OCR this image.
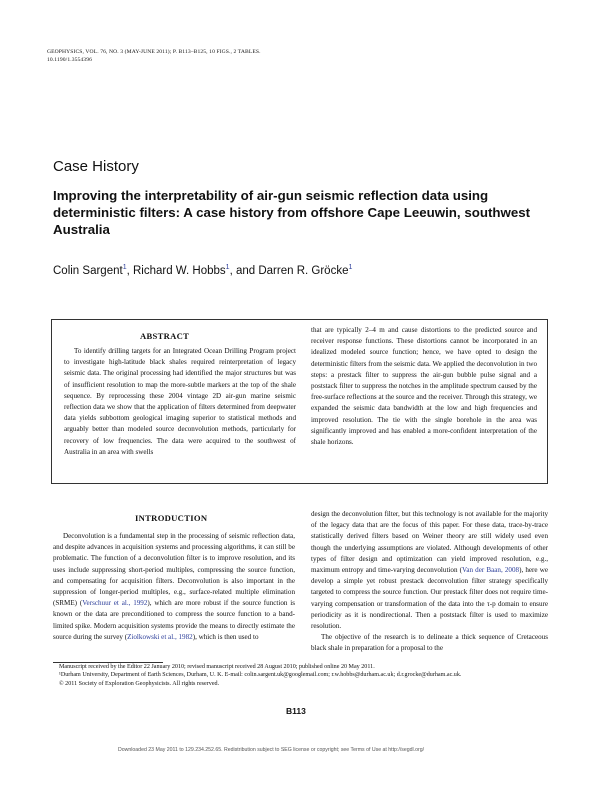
GEOPHYSICS, VOL. 76, NO. 3 (MAY-JUNE 2011); P. B113–B125, 10 FIGS., 2 TABLES.
10.1190/1.3554396
Case History
Improving the interpretability of air-gun seismic reflection data using deterministic filters: A case history from offshore Cape Leeuwin, southwest Australia
Colin Sargent$^1$, Richard W. Hobbs$^1$, and Darren R. Gröcke$^1$
ABSTRACT

To identify drilling targets for an Integrated Ocean Drilling Program project to investigate high-latitude black shales required reinterpretation of legacy seismic data. The original processing had identified the major structures but was of insufficient resolution to map the more-subtle markers at the top of the shale sequence. By reprocessing these 2004 vintage 2D air-gun marine seismic reflection data we show that the application of filters determined from deepwater data yields subbottom geological imaging superior to statistical methods and arguably better than modeled source deconvolution methods, particularly for recovery of low frequencies. The data were acquired to the southwest of Australia in an area with swells

that are typically 2–4 m and cause distortions to the predicted source and receiver response functions. These distortions cannot be incorporated in an idealized modeled source function; hence, we have opted to design the deterministic filters from the seismic data. We applied the deconvolution in two steps: a prestack filter to suppress the air-gun bubble pulse signal and a poststack filter to suppress the notches in the amplitude spectrum caused by the free-surface reflections at the source and the receiver. Through this strategy, we expanded the seismic data bandwidth at the low and high frequencies and improved resolution. The tie with the single borehole in the area was significantly improved and has enabled a more-confident interpretation of the shale horizons.

INTRODUCTION

Deconvolution is a fundamental step in the processing of seismic reflection data, and despite advances in acquisition systems and processing algorithms, it can still be problematic. The function of a deconvolution filter is to improve resolution, and its uses include suppressing short-period multiples, compressing the source function, and compensating for acquisition filters. Deconvolution is also important in the suppression of longer-period multiples, e.g., surface-related multiple elimination (SRME) (Verschuur et al., 1992), which are more robust if the source function is known or the data are preconditioned to compress the source function to a band-limited spike. Modern acquisition systems provide the means to directly estimate the source during the survey (Ziolkowski et al., 1982), which is then used to

design the deconvolution filter, but this technology is not available for the majority of the legacy data that are the focus of this paper. For these data, trace-by-trace statistically derived filters based on Weiner theory are still widely used even though the underlying assumptions are violated. Although developments of other types of filter design and optimization can yield improved resolution, e.g., maximum entropy and time-varying deconvolution (Van der Baan, 2008), here we develop a simple yet robust prestack deconvolution filter strategy specifically targeted to compress the source function. Our prestack filter does not require time-varying compensation or transformation of the data into the τ-p domain to ensure periodicity as it is nondirectional. Then a poststack filter is used to maximize resolution.

The objective of the research is to delineate a thick sequence of Cretaceous black shale in preparation for a proposal to the

Manuscript received by the Editor 22 January 2010; revised manuscript received 28 August 2010; published online 20 May 2011.
¹Durham University, Department of Earth Sciences, Durham, U. K. E-mail: colin.sargent.uk@googlemail.com; r.w.hobbs@durham.ac.uk; d.r.grocke@durham.ac.uk.
© 2011 Society of Exploration Geophysicists. All rights reserved.
B113
Downloaded 23 May 2011 to 129.234.252.65. Redistribution subject to SEG license or copyright; see Terms of Use at http://segdl.org/
